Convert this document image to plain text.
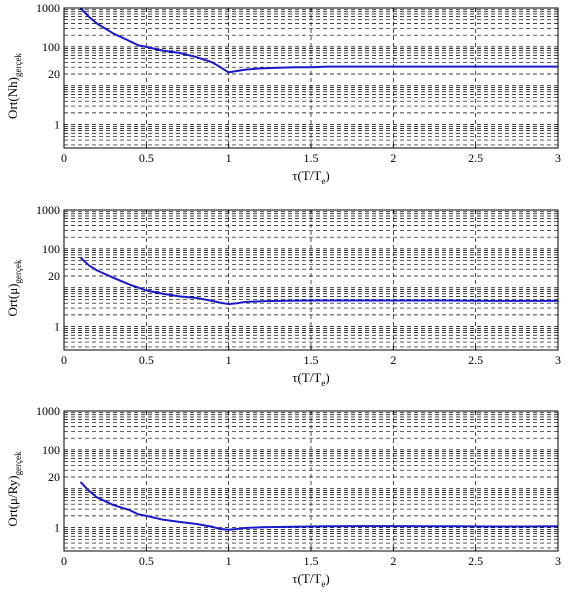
0	0.5	1	1.5	2	2.5	3
1
20
100
1000
$\tau(T/T_e)$
$Ort(Nh)_{gerçek}$
0	0.5	1	1.5	2	2.5	3
1
20
100
1000
$\tau(T/T_e)$
$Ort(\mu)_{gerçek}$
0	0.5	1	1.5	2	2.5	3
1
20
100
1000
$\tau(T/T_e)$
$Ort(\mu/Ry)_{gerçek}$
